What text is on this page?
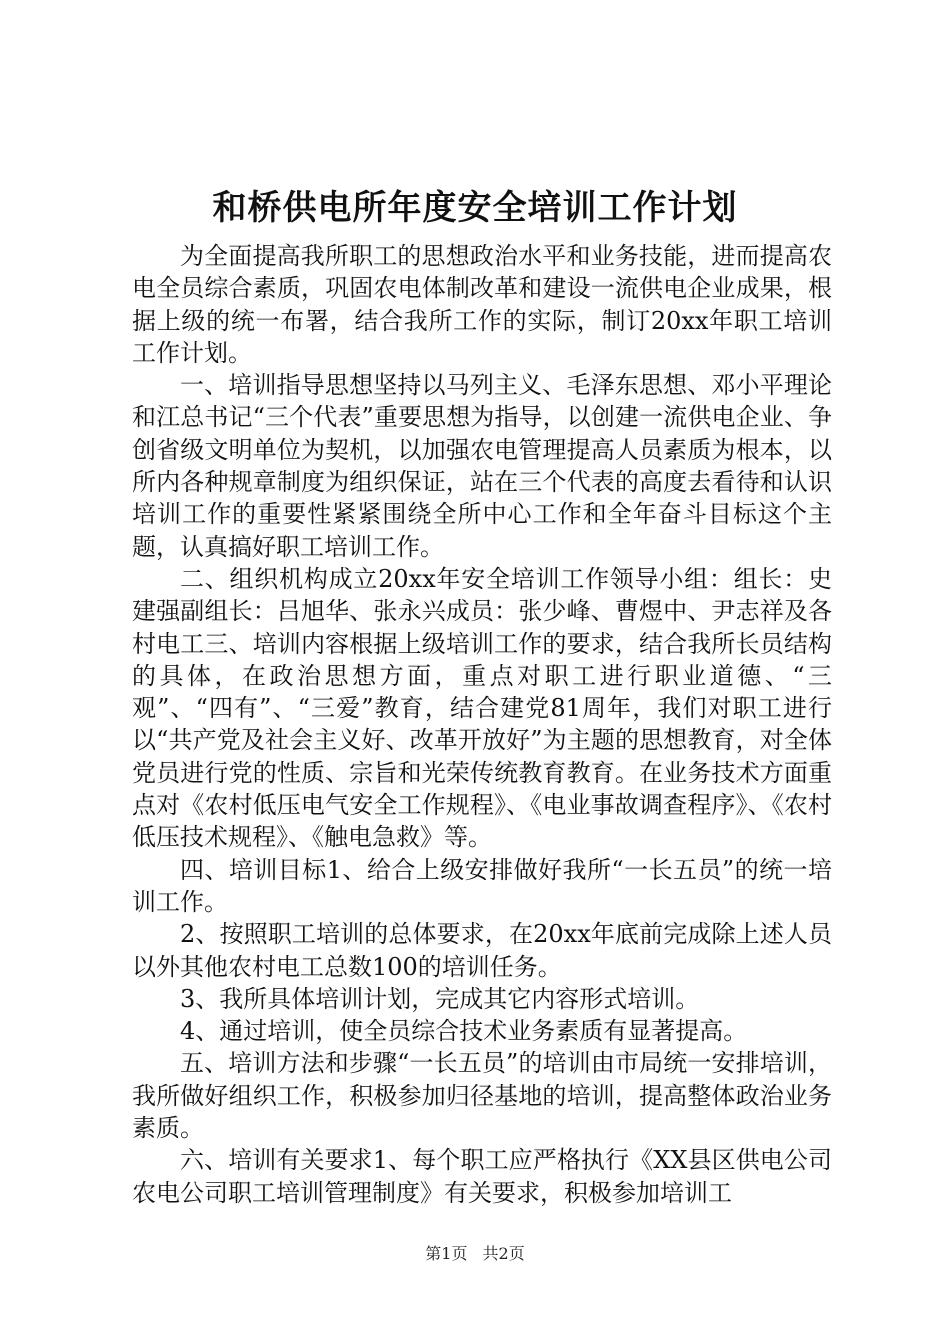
和桥供电所年度安全培训工作计划

为全面提高我所职工的思想政治水平和业务技能，进而提高农电全员综合素质，巩固农电体制改革和建设一流供电企业成果，根据上级的统一布署，结合我所工作的实际，制订20xx年职工培训工作计划。

一、培训指导思想坚持以马列主义、毛泽东思想、邓小平理论和江总书记“三个代表”重要思想为指导，以创建一流供电企业、争创省级文明单位为契机，以加强农电管理提高人员素质为根本，以所内各种规章制度为组织保证，站在三个代表的高度去看待和认识培训工作的重要性紧紧围绕全所中心工作和全年奋斗目标这个主题，认真搞好职工培训工作。

二、组织机构成立20xx年安全培训工作领导小组：组长：史建强副组长：吕旭华、张永兴成员：张少峰、曹煜中、尹志祥及各村电工三、培训内容根据上级培训工作的要求，结合我所长员结构的具体，在政治思想方面，重点对职工进行职业道德、“三观”、“四有”、“三爱”教育，结合建党81周年，我们对职工进行以“共产党及社会主义好、改革开放好”为主题的思想教育，对全体党员进行党的性质、宗旨和光荣传统教育教育。在业务技术方面重点对《农村低压电气安全工作规程》、《电业事故调查程序》、《农村低压技术规程》、《触电急救》等。

四、培训目标1、给合上级安排做好我所“一长五员”的统一培训工作。

2、按照职工培训的总体要求，在20xx年底前完成除上述人员以外其他农村电工总数100的培训任务。

3、我所具体培训计划，完成其它内容形式培训。

4、通过培训，使全员综合技术业务素质有显著提高。

五、培训方法和步骤“一长五员”的培训由市局统一安排培训，我所做好组织工作，积极参加归径基地的培训，提高整体政治业务素质。

六、培训有关要求1、每个职工应严格执行《XX县区供电公司农电公司职工培训管理制度》有关要求，积极参加培训工

第1页 共2页
